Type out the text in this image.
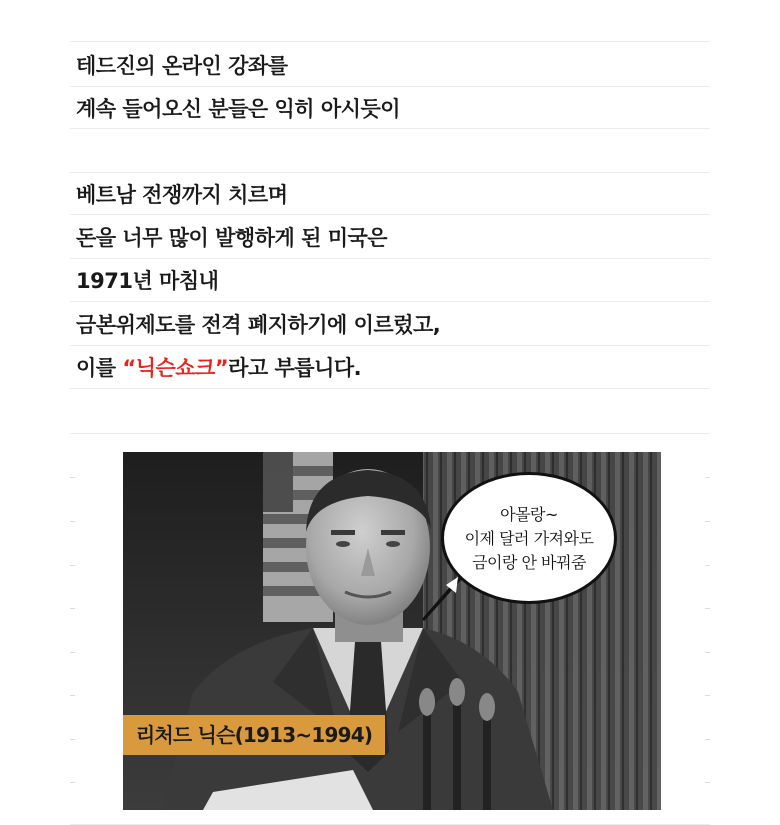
테드진의 온라인 강좌를
계속 들어오신 분들은 익히 아시듯이
베트남 전쟁까지 치르며
돈을 너무 많이 발행하게 된 미국은
1971년 마침내
금본위제도를 전격 폐지하기에 이르렀고,
이를 “닉슨쇼크”라고 부릅니다.
아몰랑~
이제 달러 가져와도
금이랑 안 바꿔줌
리처드 닉슨(1913~1994)
